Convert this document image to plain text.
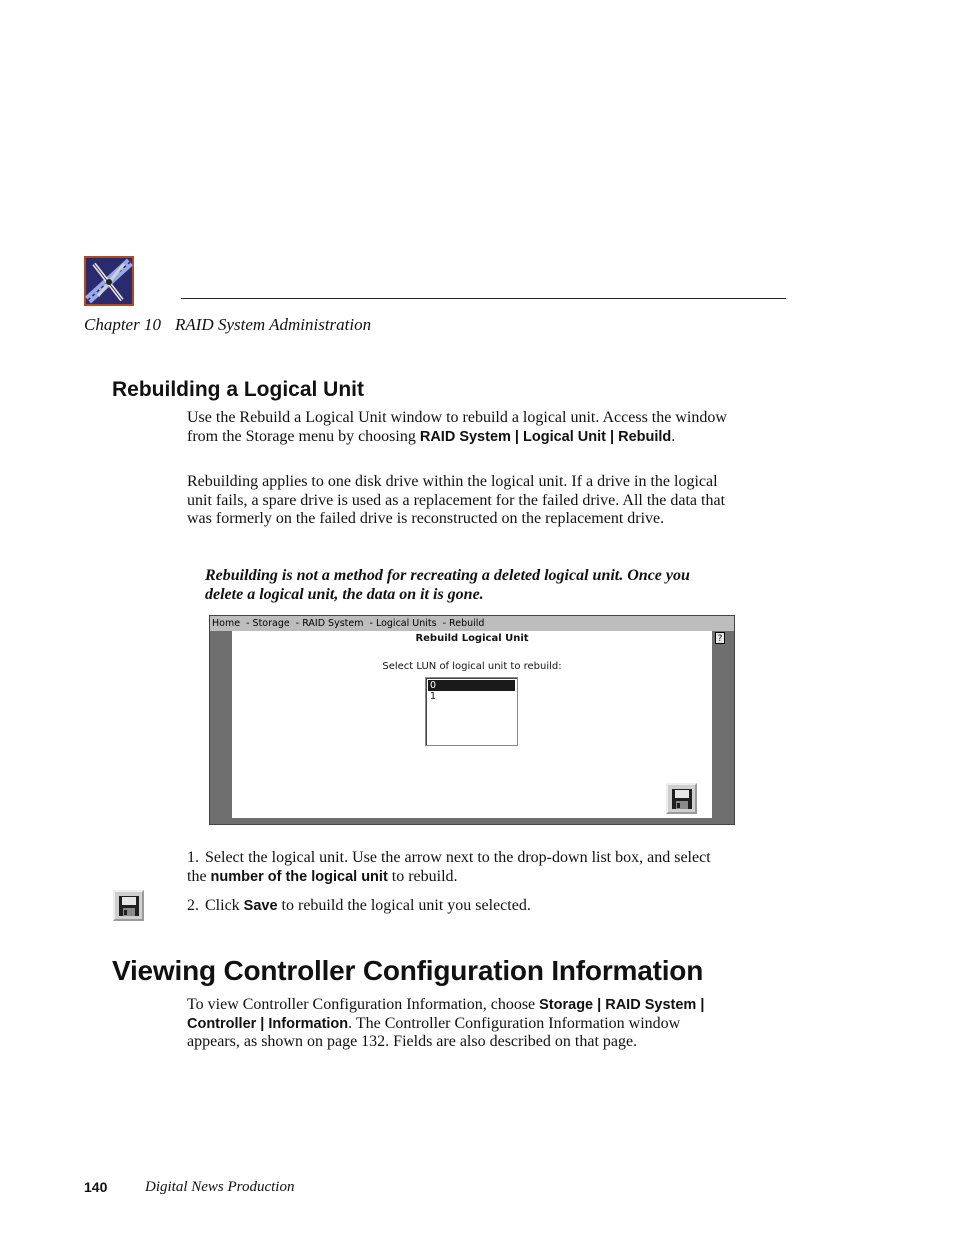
Chapter 10 RAID System Administration
Rebuilding a Logical Unit
Use the Rebuild a Logical Unit window to rebuild a logical unit. Access the window from the Storage menu by choosing RAID System | Logical Unit | Rebuild.
Rebuilding applies to one disk drive within the logical unit. If a drive in the logical unit fails, a spare drive is used as a replacement for the failed drive. All the data that was formerly on the failed drive is reconstructed on the replacement drive.
Rebuilding is not a method for recreating a deleted logical unit. Once you delete a logical unit, the data on it is gone.
Home  - Storage  - RAID System  - Logical Units  - Rebuild
Rebuild Logical Unit	?
Select LUN of logical unit to rebuild:
0
1
1. Select the logical unit. Use the arrow next to the drop-down list box, and select the number of the logical unit to rebuild.
2. Click Save to rebuild the logical unit you selected.
Viewing Controller Configuration Information
To view Controller Configuration Information, choose Storage | RAID System | Controller | Information. The Controller Configuration Information window appears, as shown on page 132. Fields are also described on that page.
140	Digital News Production
